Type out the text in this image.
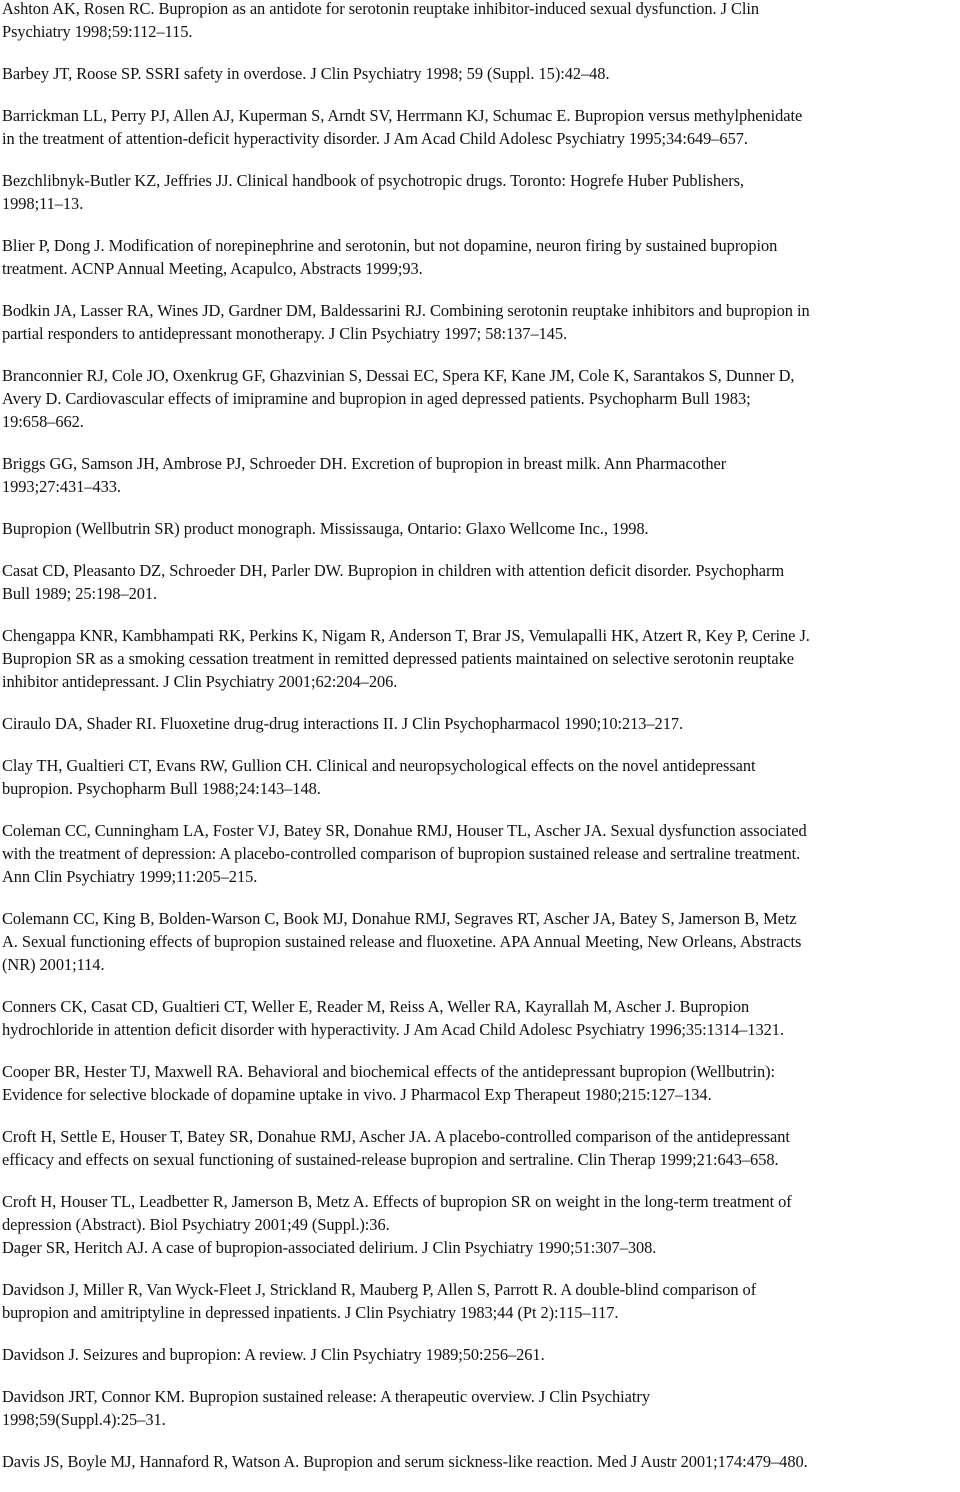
Ashton AK, Rosen RC. Bupropion as an antidote for serotonin reuptake inhibitor-induced sexual dysfunction. J Clin
Psychiatry 1998;59:112–115.

Barbey JT, Roose SP. SSRI safety in overdose. J Clin Psychiatry 1998; 59 (Suppl. 15):42–48.

Barrickman LL, Perry PJ, Allen AJ, Kuperman S, Arndt SV, Herrmann KJ, Schumac E. Bupropion versus methylphenidate
in the treatment of attention-deficit hyperactivity disorder. J Am Acad Child Adolesc Psychiatry 1995;34:649–657.

Bezchlibnyk-Butler KZ, Jeffries JJ. Clinical handbook of psychotropic drugs. Toronto: Hogrefe Huber Publishers,
1998;11–13.

Blier P, Dong J. Modification of norepinephrine and serotonin, but not dopamine, neuron firing by sustained bupropion
treatment. ACNP Annual Meeting, Acapulco, Abstracts 1999;93.

Bodkin JA, Lasser RA, Wines JD, Gardner DM, Baldessarini RJ. Combining serotonin reuptake inhibitors and bupropion in
partial responders to antidepressant monotherapy. J Clin Psychiatry 1997; 58:137–145.

Branconnier RJ, Cole JO, Oxenkrug GF, Ghazvinian S, Dessai EC, Spera KF, Kane JM, Cole K, Sarantakos S, Dunner D,
Avery D. Cardiovascular effects of imipramine and bupropion in aged depressed patients. Psychopharm Bull 1983;
19:658–662.

Briggs GG, Samson JH, Ambrose PJ, Schroeder DH. Excretion of bupropion in breast milk. Ann Pharmacother
1993;27:431–433.

Bupropion (Wellbutrin SR) product monograph. Mississauga, Ontario: Glaxo Wellcome Inc., 1998.

Casat CD, Pleasanto DZ, Schroeder DH, Parler DW. Bupropion in children with attention deficit disorder. Psychopharm
Bull 1989; 25:198–201.

Chengappa KNR, Kambhampati RK, Perkins K, Nigam R, Anderson T, Brar JS, Vemulapalli HK, Atzert R, Key P, Cerine J.
Bupropion SR as a smoking cessation treatment in remitted depressed patients maintained on selective serotonin reuptake
inhibitor antidepressant. J Clin Psychiatry 2001;62:204–206.

Ciraulo DA, Shader RI. Fluoxetine drug-drug interactions II. J Clin Psychopharmacol 1990;10:213–217.

Clay TH, Gualtieri CT, Evans RW, Gullion CH. Clinical and neuropsychological effects on the novel antidepressant
bupropion. Psychopharm Bull 1988;24:143–148.

Coleman CC, Cunningham LA, Foster VJ, Batey SR, Donahue RMJ, Houser TL, Ascher JA. Sexual dysfunction associated
with the treatment of depression: A placebo-controlled comparison of bupropion sustained release and sertraline treatment.
Ann Clin Psychiatry 1999;11:205–215.

Colemann CC, King B, Bolden-Warson C, Book MJ, Donahue RMJ, Segraves RT, Ascher JA, Batey S, Jamerson B, Metz
A. Sexual functioning effects of bupropion sustained release and fluoxetine. APA Annual Meeting, New Orleans, Abstracts
(NR) 2001;114.

Conners CK, Casat CD, Gualtieri CT, Weller E, Reader M, Reiss A, Weller RA, Kayrallah M, Ascher J. Bupropion
hydrochloride in attention deficit disorder with hyperactivity. J Am Acad Child Adolesc Psychiatry 1996;35:1314–1321.

Cooper BR, Hester TJ, Maxwell RA. Behavioral and biochemical effects of the antidepressant bupropion (Wellbutrin):
Evidence for selective blockade of dopamine uptake in vivo. J Pharmacol Exp Therapeut 1980;215:127–134.

Croft H, Settle E, Houser T, Batey SR, Donahue RMJ, Ascher JA. A placebo-controlled comparison of the antidepressant
efficacy and effects on sexual functioning of sustained-release bupropion and sertraline. Clin Therap 1999;21:643–658.

Croft H, Houser TL, Leadbetter R, Jamerson B, Metz A. Effects of bupropion SR on weight in the long-term treatment of
depression (Abstract). Biol Psychiatry 2001;49 (Suppl.):36.

Dager SR, Heritch AJ. A case of bupropion-associated delirium. J Clin Psychiatry 1990;51:307–308.

Davidson J, Miller R, Van Wyck-Fleet J, Strickland R, Mauberg P, Allen S, Parrott R. A double-blind comparison of
bupropion and amitriptyline in depressed inpatients. J Clin Psychiatry 1983;44 (Pt 2):115–117.

Davidson J. Seizures and bupropion: A review. J Clin Psychiatry 1989;50:256–261.

Davidson JRT, Connor KM. Bupropion sustained release: A therapeutic overview. J Clin Psychiatry
1998;59(Suppl.4):25–31.

Davis JS, Boyle MJ, Hannaford R, Watson A. Bupropion and serum sickness-like reaction. Med J Austr 2001;174:479–480.
